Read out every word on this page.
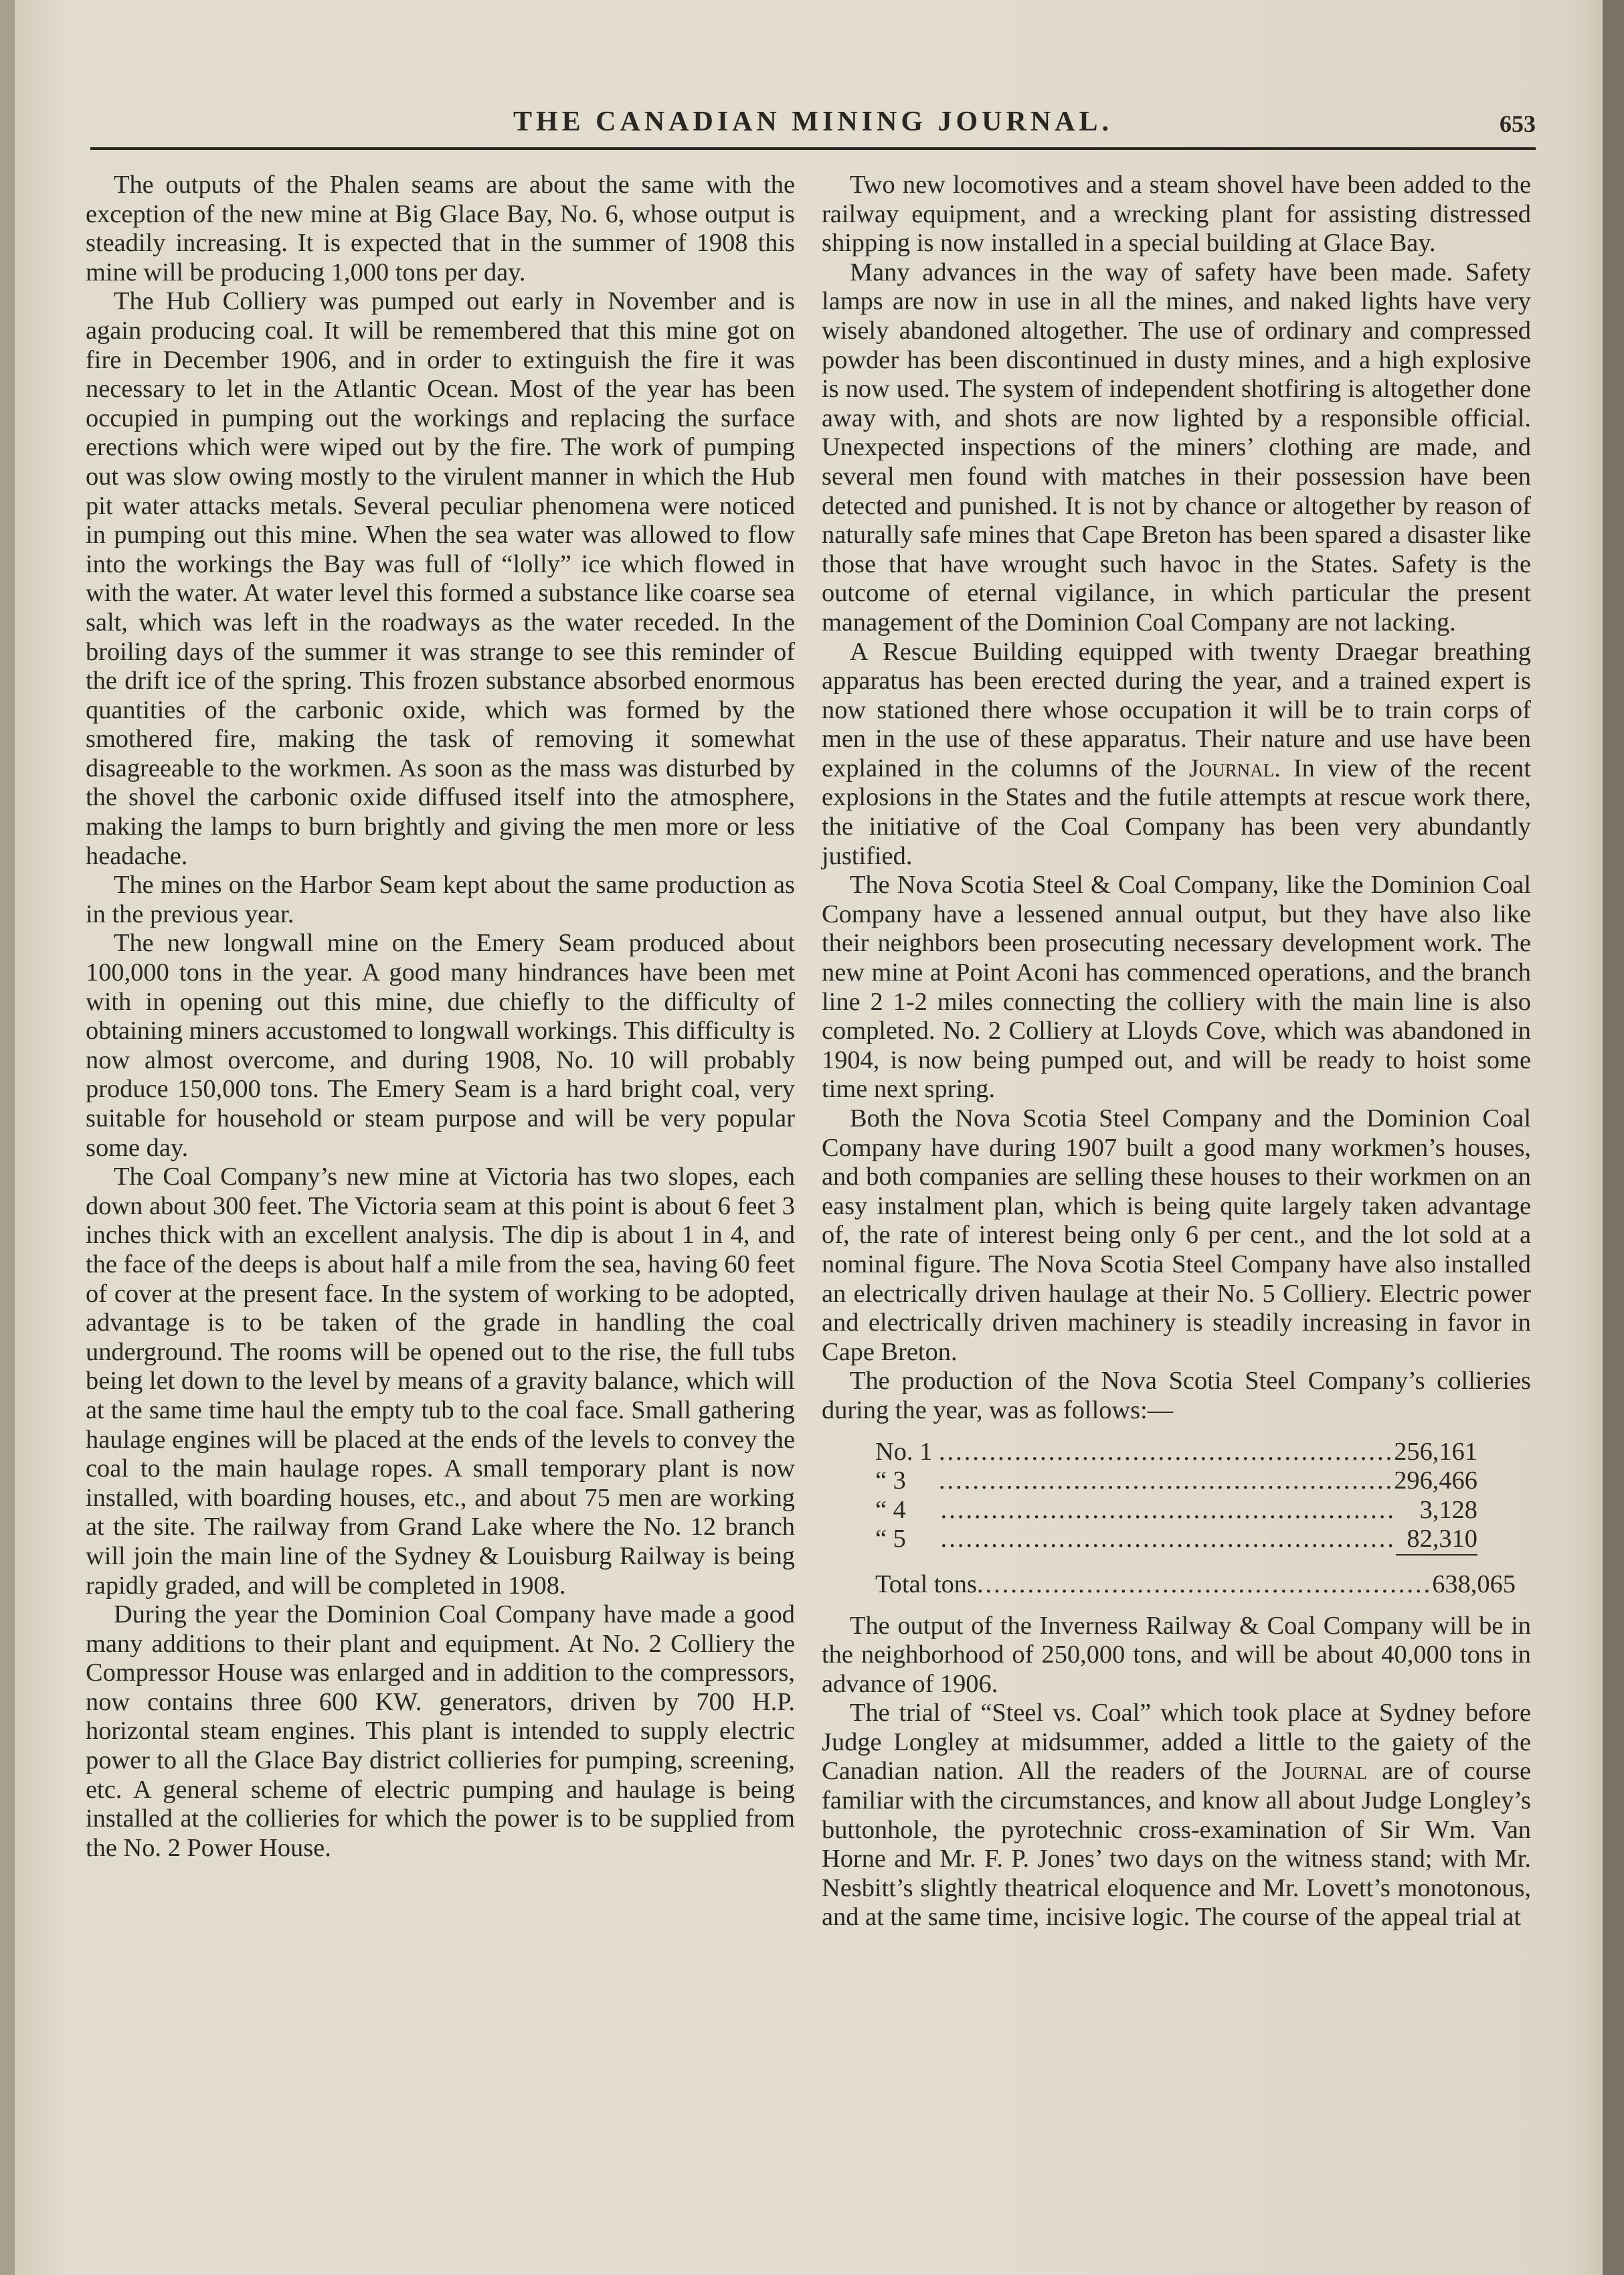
THE CANADIAN MINING JOURNAL.	653

The outputs of the Phalen seams are about the same with the exception of the new mine at Big Glace Bay, No. 6, whose output is steadily increasing. It is expected that in the summer of 1908 this mine will be producing 1,000 tons per day.

The Hub Colliery was pumped out early in November and is again producing coal. It will be remembered that this mine got on fire in December 1906, and in order to extinguish the fire it was necessary to let in the Atlantic Ocean. Most of the year has been occupied in pumping out the workings and replacing the surface erections which were wiped out by the fire. The work of pumping out was slow owing mostly to the virulent manner in which the Hub pit water attacks metals. Several peculiar phenomena were noticed in pumping out this mine. When the sea water was allowed to flow into the workings the Bay was full of “lolly” ice which flowed in with the water. At water level this formed a substance like coarse sea salt, which was left in the roadways as the water receded. In the broiling days of the summer it was strange to see this reminder of the drift ice of the spring. This frozen substance absorbed enormous quantities of the carbonic oxide, which was formed by the smothered fire, making the task of removing it somewhat disagreeable to the workmen. As soon as the mass was disturbed by the shovel the carbonic oxide diffused itself into the atmosphere, making the lamps to burn brightly and giving the men more or less headache.

The mines on the Harbor Seam kept about the same production as in the previous year.

The new longwall mine on the Emery Seam produced about 100,000 tons in the year. A good many hindrances have been met with in opening out this mine, due chiefly to the difficulty of obtaining miners accustomed to longwall workings. This difficulty is now almost overcome, and during 1908, No. 10 will probably produce 150,000 tons. The Emery Seam is a hard bright coal, very suitable for household or steam purpose and will be very popular some day.

The Coal Company’s new mine at Victoria has two slopes, each down about 300 feet. The Victoria seam at this point is about 6 feet 3 inches thick with an excellent analysis. The dip is about 1 in 4, and the face of the deeps is about half a mile from the sea, having 60 feet of cover at the present face. In the system of working to be adopted, advantage is to be taken of the grade in handling the coal underground. The rooms will be opened out to the rise, the full tubs being let down to the level by means of a gravity balance, which will at the same time haul the empty tub to the coal face. Small gathering haulage engines will be placed at the ends of the levels to convey the coal to the main haulage ropes. A small temporary plant is now installed, with boarding houses, etc., and about 75 men are working at the site. The railway from Grand Lake where the No. 12 branch will join the main line of the Sydney & Louisburg Railway is being rapidly graded, and will be completed in 1908.

During the year the Dominion Coal Company have made a good many additions to their plant and equipment. At No. 2 Colliery the Compressor House was enlarged and in addition to the compressors, now contains three 600 KW. generators, driven by 700 H.P. horizontal steam engines. This plant is intended to supply electric power to all the Glace Bay district collieries for pumping, screening, etc. A general scheme of electric pumping and haulage is being installed at the collieries for which the power is to be supplied from the No. 2 Power House.

Two new locomotives and a steam shovel have been added to the railway equipment, and a wrecking plant for assisting distressed shipping is now installed in a special building at Glace Bay.

Many advances in the way of safety have been made. Safety lamps are now in use in all the mines, and naked lights have very wisely abandoned altogether. The use of ordinary and compressed powder has been discontinued in dusty mines, and a high explosive is now used. The system of independent shotfiring is altogether done away with, and shots are now lighted by a responsible official. Unexpected inspections of the miners’ clothing are made, and several men found with matches in their possession have been detected and punished. It is not by chance or altogether by reason of naturally safe mines that Cape Breton has been spared a disaster like those that have wrought such havoc in the States. Safety is the outcome of eternal vigilance, in which particular the present management of the Dominion Coal Company are not lacking.

A Rescue Building equipped with twenty Draegar breathing apparatus has been erected during the year, and a trained expert is now stationed there whose occupation it will be to train corps of men in the use of these apparatus. Their nature and use have been explained in the columns of the Journal. In view of the recent explosions in the States and the futile attempts at rescue work there, the initiative of the Coal Company has been very abundantly justified.

The Nova Scotia Steel & Coal Company, like the Dominion Coal Company have a lessened annual output, but they have also like their neighbors been prosecuting necessary development work. The new mine at Point Aconi has commenced operations, and the branch line 2 1-2 miles connecting the colliery with the main line is also completed. No. 2 Colliery at Lloyds Cove, which was abandoned in 1904, is now being pumped out, and will be ready to hoist some time next spring.

Both the Nova Scotia Steel Company and the Dominion Coal Company have during 1907 built a good many workmen’s houses, and both companies are selling these houses to their workmen on an easy instalment plan, which is being quite largely taken advantage of, the rate of interest being only 6 per cent., and the lot sold at a nominal figure. The Nova Scotia Steel Company have also installed an electrically driven haulage at their No. 5 Colliery. Electric power and electrically driven machinery is steadily increasing in favor in Cape Breton.

The production of the Nova Scotia Steel Company’s collieries during the year, was as follows:—

No. 1 ...................................................... 256,161
“ 3	...................................................... 296,466
“ 4	...................................................... 3,128
“ 5	...................................................... 82,310
Total tons ...................................................... 638,065

The output of the Inverness Railway & Coal Company will be in the neighborhood of 250,000 tons, and will be about 40,000 tons in advance of 1906.

The trial of “Steel vs. Coal” which took place at Sydney before Judge Longley at midsummer, added a little to the gaiety of the Canadian nation. All the readers of the Journal are of course familiar with the circumstances, and know all about Judge Longley’s buttonhole, the pyrotechnic cross-examination of Sir Wm. Van Horne and Mr. F. P. Jones’ two days on the witness stand; with Mr. Nesbitt’s slightly theatrical eloquence and Mr. Lovett’s monotonous, and at the same time, incisive logic. The course of the appeal trial at
